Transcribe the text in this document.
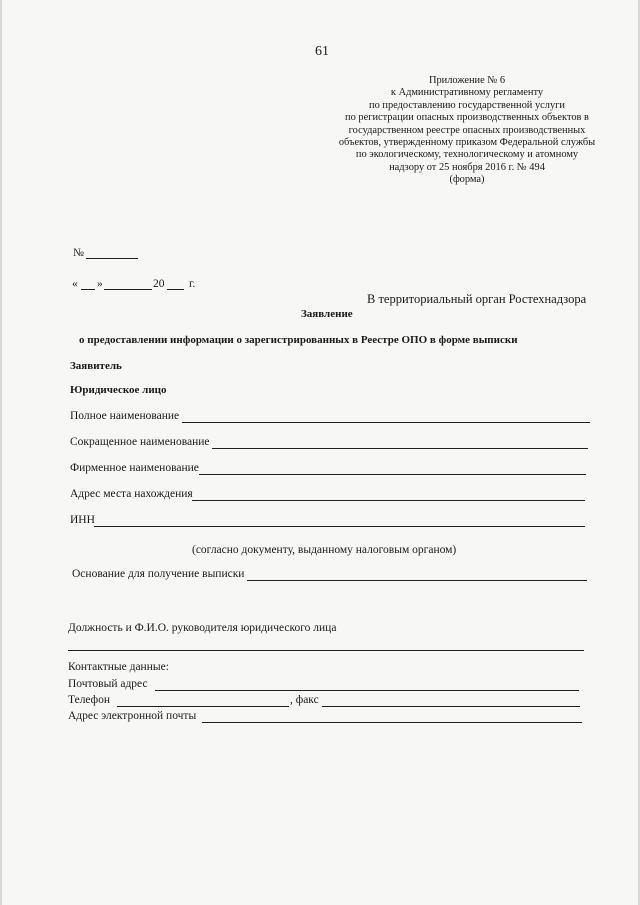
61
Приложение № 6
к Административному регламенту
по предоставлению государственной услуги
по регистрации опасных производственных объектов в
государственном реестре опасных производственных
объектов, утвержденному приказом Федеральной службы
по экологическому, технологическому и атомному
надзору от 25 ноября 2016 г. № 494
(форма)
№
« »	20 г.
В территориальный орган Ростехнадзора
Заявление
о предоставлении информации о зарегистрированных в Реестре ОПО в форме выписки
Заявитель
Юридическое лицо
Полное наименование
Сокращенное наименование
Фирменное наименование
Адрес места нахождения
ИНН
(согласно документу, выданному налоговым органом)
Основание для получение выписки
Должность и Ф.И.О. руководителя юридического лица
Контактные данные:
Почтовый адрес
Телефон	, факс
Адрес электронной почты
